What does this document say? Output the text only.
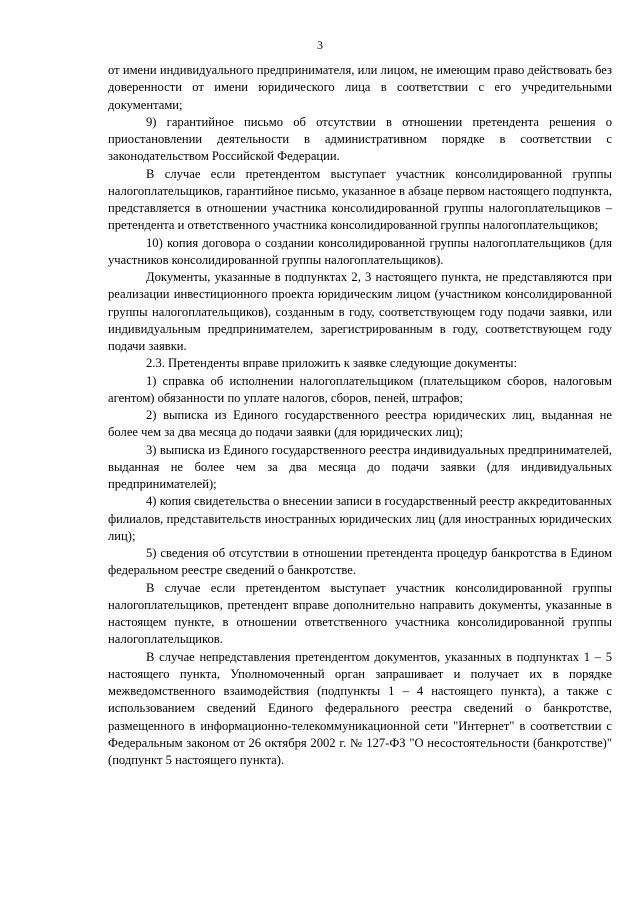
3

от имени индивидуального предпринимателя, или лицом, не имеющим право действовать без доверенности от имени юридического лица в соответствии с его учредительными документами;

9) гарантийное письмо об отсутствии в отношении претендента решения о приостановлении деятельности в административном порядке в соответствии с законодательством Российской Федерации.

В случае если претендентом выступает участник консолидированной группы налогоплательщиков, гарантийное письмо, указанное в абзаце первом настоящего подпункта, представляется в отношении участника консолидированной группы налогоплательщиков – претендента и ответственного участника консолидированной группы налогоплательщиков;

10) копия договора о создании консолидированной группы налогоплательщиков (для участников консолидированной группы налогоплательщиков).

Документы, указанные в подпунктах 2, 3 настоящего пункта, не представляются при реализации инвестиционного проекта юридическим лицом (участником консолидированной группы налогоплательщиков), созданным в году, соответствующем году подачи заявки, или индивидуальным предпринимателем, зарегистрированным в году, соответствующем году подачи заявки.

2.3. Претенденты вправе приложить к заявке следующие документы:

1) справка об исполнении налогоплательщиком (плательщиком сборов, налоговым агентом) обязанности по уплате налогов, сборов, пеней, штрафов;

2) выписка из Единого государственного реестра юридических лиц, выданная не более чем за два месяца до подачи заявки (для юридических лиц);

3) выписка из Единого государственного реестра индивидуальных предпринимателей, выданная не более чем за два месяца до подачи заявки (для индивидуальных предпринимателей);

4) копия свидетельства о внесении записи в государственный реестр аккредитованных филиалов, представительств иностранных юридических лиц (для иностранных юридических лиц);

5) сведения об отсутствии в отношении претендента процедур банкротства в Едином федеральном реестре сведений о банкротстве.

В случае если претендентом выступает участник консолидированной группы налогоплательщиков, претендент вправе дополнительно направить документы, указанные в настоящем пункте, в отношении ответственного участника консолидированной группы налогоплательщиков.

В случае непредставления претендентом документов, указанных в подпунктах 1 – 5 настоящего пункта, Уполномоченный орган запрашивает и получает их в порядке межведомственного взаимодействия (подпункты 1 – 4 настоящего пункта), а также с использованием сведений Единого федерального реестра сведений о банкротстве, размещенного в информационно-телекоммуникационной сети "Интернет" в соответствии с Федеральным законом от 26 октября 2002 г. № 127-ФЗ "О несостоятельности (банкротстве)" (подпункт 5 настоящего пункта).
